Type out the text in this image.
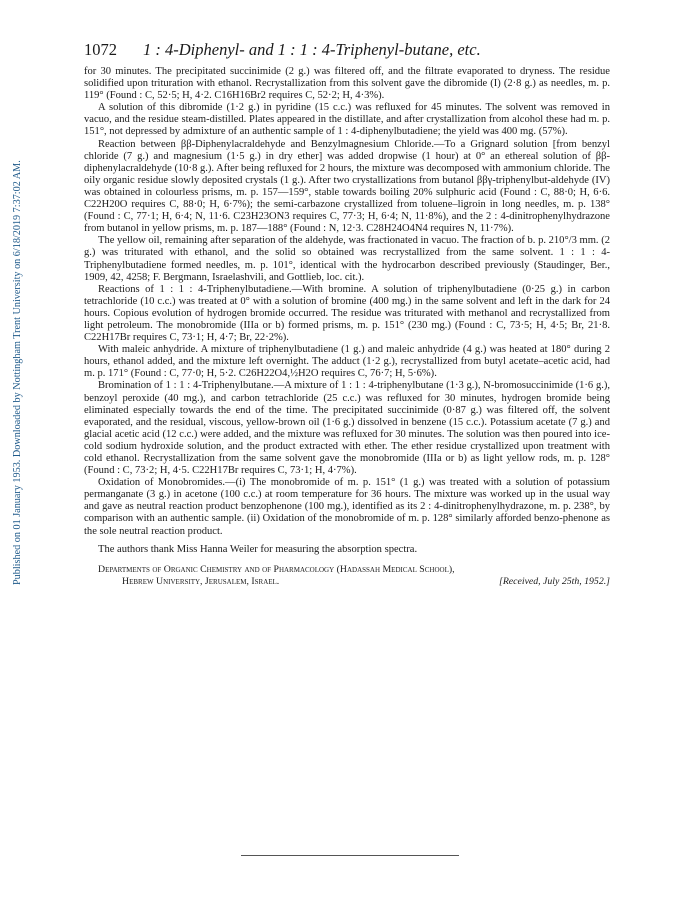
Published on 01 January 1953. Downloaded by Nottingham Trent University on 6/18/2019 7:37:02 AM.
1072 1 : 4-Diphenyl- and 1 : 1 : 4-Triphenyl-butane, etc.

for 30 minutes. The precipitated succinimide (2 g.) was filtered off, and the filtrate evaporated to dryness. The residue solidified upon trituration with ethanol. Recrystallization from this solvent gave the dibromide (I) (2·8 g.) as needles, m. p. 119° (Found : C, 52·5; H, 4·2. C16H16Br2 requires C, 52·2; H, 4·3%).

A solution of this dibromide (1·2 g.) in pyridine (15 c.c.) was refluxed for 45 minutes. The solvent was removed in vacuo, and the residue steam-distilled. Plates appeared in the distillate, and after crystallization from alcohol these had m. p. 151°, not depressed by admixture of an authentic sample of 1 : 4-diphenylbutadiene; the yield was 400 mg. (57%).

Reaction between ββ-Diphenylacraldehyde and Benzylmagnesium Chloride.—To a Grignard solution [from benzyl chloride (7 g.) and magnesium (1·5 g.) in dry ether] was added dropwise (1 hour) at 0° an ethereal solution of ββ-diphenylacraldehyde (10·8 g.). After being refluxed for 2 hours, the mixture was decomposed with ammonium chloride. The oily organic residue slowly deposited crystals (1 g.). After two crystallizations from butanol ββγ-triphenylbut-aldehyde (IV) was obtained in colourless prisms, m. p. 157—159°, stable towards boiling 20% sulphuric acid (Found : C, 88·0; H, 6·6. C22H20O requires C, 88·0; H, 6·7%); the semi-carbazone crystallized from toluene–ligroin in long needles, m. p. 138° (Found : C, 77·1; H, 6·4; N, 11·6. C23H23ON3 requires C, 77·3; H, 6·4; N, 11·8%), and the 2 : 4-dinitrophenylhydrazone from butanol in yellow prisms, m. p. 187—188° (Found : N, 12·3. C28H24O4N4 requires N, 11·7%).

The yellow oil, remaining after separation of the aldehyde, was fractionated in vacuo. The fraction of b. p. 210°/3 mm. (2 g.) was triturated with ethanol, and the solid so obtained was recrystallized from the same solvent. 1 : 1 : 4-Triphenylbutadiene formed needles, m. p. 101°, identical with the hydrocarbon described previously (Staudinger, Ber., 1909, 42, 4258; F. Bergmann, Israelashvili, and Gottlieb, loc. cit.).

Reactions of 1 : 1 : 4-Triphenylbutadiene.—With bromine. A solution of triphenylbutadiene (0·25 g.) in carbon tetrachloride (10 c.c.) was treated at 0° with a solution of bromine (400 mg.) in the same solvent and left in the dark for 24 hours. Copious evolution of hydrogen bromide occurred. The residue was triturated with methanol and recrystallized from light petroleum. The monobromide (IIIa or b) formed prisms, m. p. 151° (230 mg.) (Found : C, 73·5; H, 4·5; Br, 21·8. C22H17Br requires C, 73·1; H, 4·7; Br, 22·2%).

With maleic anhydride. A mixture of triphenylbutadiene (1 g.) and maleic anhydride (4 g.) was heated at 180° during 2 hours, ethanol added, and the mixture left overnight. The adduct (1·2 g.), recrystallized from butyl acetate–acetic acid, had m. p. 171° (Found : C, 77·0; H, 5·2. C26H22O4,½H2O requires C, 76·7; H, 5·6%).

Bromination of 1 : 1 : 4-Triphenylbutane.—A mixture of 1 : 1 : 4-triphenylbutane (1·3 g.), N-bromosuccinimide (1·6 g.), benzoyl peroxide (40 mg.), and carbon tetrachloride (25 c.c.) was refluxed for 30 minutes, hydrogen bromide being eliminated especially towards the end of the time. The precipitated succinimide (0·87 g.) was filtered off, the solvent evaporated, and the residual, viscous, yellow-brown oil (1·6 g.) dissolved in benzene (15 c.c.). Potassium acetate (7 g.) and glacial acetic acid (12 c.c.) were added, and the mixture was refluxed for 30 minutes. The solution was then poured into ice-cold sodium hydroxide solution, and the product extracted with ether. The ether residue crystallized upon treatment with cold ethanol. Recrystallization from the same solvent gave the monobromide (IIIa or b) as light yellow rods, m. p. 128° (Found : C, 73·2; H, 4·5. C22H17Br requires C, 73·1; H, 4·7%).

Oxidation of Monobromides.—(i) The monobromide of m. p. 151° (1 g.) was treated with a solution of potassium permanganate (3 g.) in acetone (100 c.c.) at room temperature for 36 hours. The mixture was worked up in the usual way and gave as neutral reaction product benzophenone (100 mg.), identified as its 2 : 4-dinitrophenylhydrazone, m. p. 238°, by comparison with an authentic sample. (ii) Oxidation of the monobromide of m. p. 128° similarly afforded benzo-phenone as the sole neutral reaction product.

The authors thank Miss Hanna Weiler for measuring the absorption spectra.

Departments of Organic Chemistry and of Pharmacology (Hadassah Medical School),
Hebrew University, Jerusalem, Israel.	[Received, July 25th, 1952.]
